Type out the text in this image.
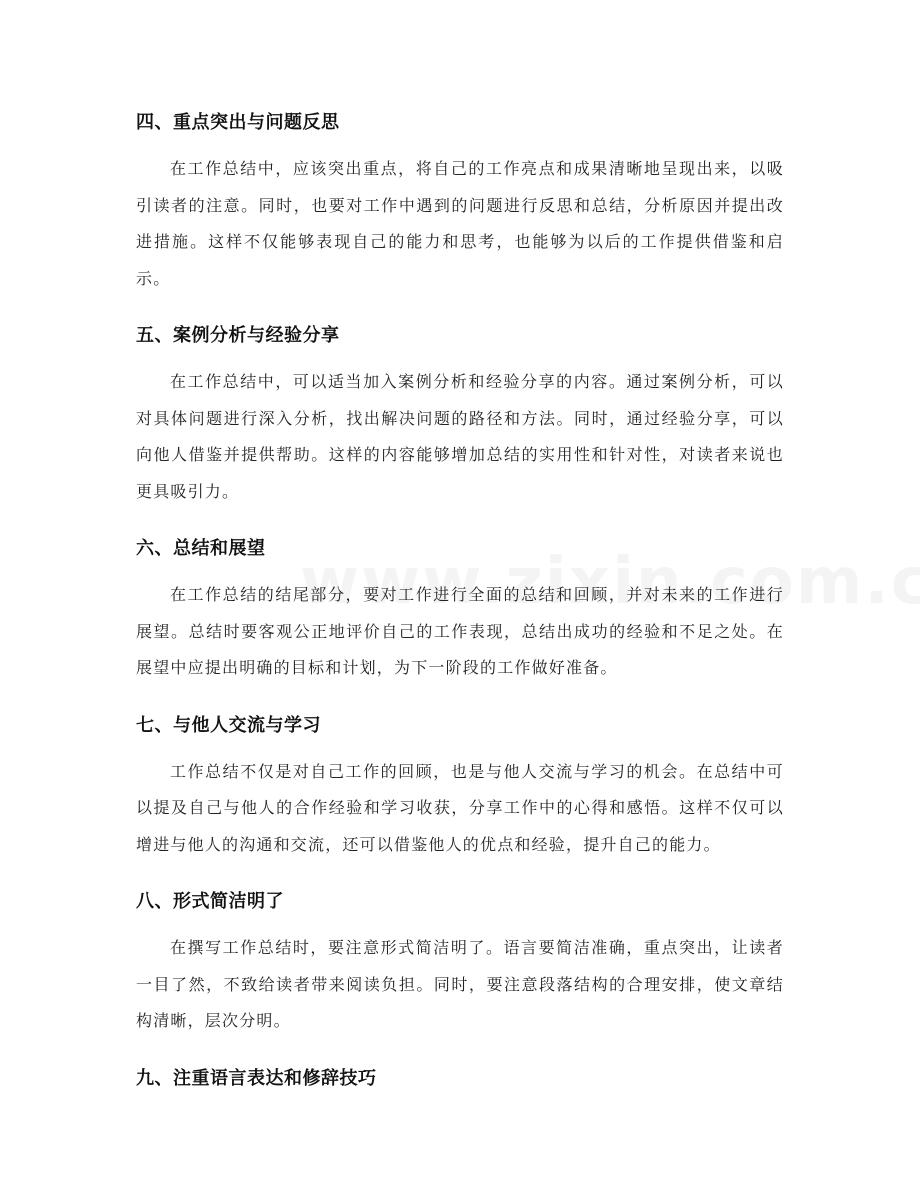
四、重点突出与问题反思

在工作总结中，应该突出重点，将自己的工作亮点和成果清晰地呈现出来，以吸引读者的注意。同时，也要对工作中遇到的问题进行反思和总结，分析原因并提出改进措施。这样不仅能够表现自己的能力和思考，也能够为以后的工作提供借鉴和启示。

五、案例分析与经验分享

在工作总结中，可以适当加入案例分析和经验分享的内容。通过案例分析，可以对具体问题进行深入分析，找出解决问题的路径和方法。同时，通过经验分享，可以向他人借鉴并提供帮助。这样的内容能够增加总结的实用性和针对性，对读者来说也更具吸引力。

六、总结和展望

在工作总结的结尾部分，要对工作进行全面的总结和回顾，并对未来的工作进行展望。总结时要客观公正地评价自己的工作表现，总结出成功的经验和不足之处。在展望中应提出明确的目标和计划，为下一阶段的工作做好准备。

七、与他人交流与学习

工作总结不仅是对自己工作的回顾，也是与他人交流与学习的机会。在总结中可以提及自己与他人的合作经验和学习收获，分享工作中的心得和感悟。这样不仅可以增进与他人的沟通和交流，还可以借鉴他人的优点和经验，提升自己的能力。

八、形式简洁明了

在撰写工作总结时，要注意形式简洁明了。语言要简洁准确，重点突出，让读者一目了然，不致给读者带来阅读负担。同时，要注意段落结构的合理安排，使文章结构清晰，层次分明。

九、注重语言表达和修辞技巧
